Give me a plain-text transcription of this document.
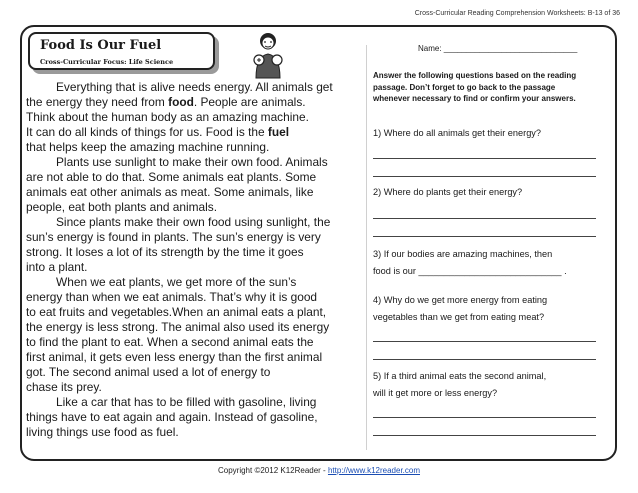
Cross-Curricular Reading Comprehension Worksheets: B-13 of 36
Food Is Our Fuel
Cross-Curricular Focus: Life Science
Name: ______________________________
Everything that is alive needs energy. All animals get
the energy they need from food. People are animals.
Think about the human body as an amazing machine.
It can do all kinds of things for us. Food is the fuel
that helps keep the amazing machine running.
Plants use sunlight to make their own food. Animals
are not able to do that. Some animals eat plants. Some
animals eat other animals as meat. Some animals, like
people, eat both plants and animals.
Since plants make their own food using sunlight, the
sun’s energy is found in plants. The sun’s energy is very
strong. It loses a lot of its strength by the time it goes
into a plant.
When we eat plants, we get more of the sun’s
energy than when we eat animals. That’s why it is good
to eat fruits and vegetables.When an animal eats a plant,
the energy is less strong. The animal also used its energy
to find the plant to eat. When a second animal eats the
first animal, it gets even less energy than the first animal
got. The second animal used a lot of energy to
chase its prey.
Like a car that has to be filled with gasoline, living
things have to eat again and again. Instead of gasoline,
living things use food as fuel.
Answer the following questions based on the reading
passage. Don’t forget to go back to the passage
whenever necessary to find or confirm your answers.
1) Where do all animals get their energy?
2) Where do plants get their energy?
3) If our bodies are amazing machines, then
food is our ____________________________ .
4) Why do we get more energy from eating
vegetables than we get from eating meat?
5) If a third animal eats the second animal,
will it get more or less energy?
Copyright ©2012 K12Reader - http://www.k12reader.com
